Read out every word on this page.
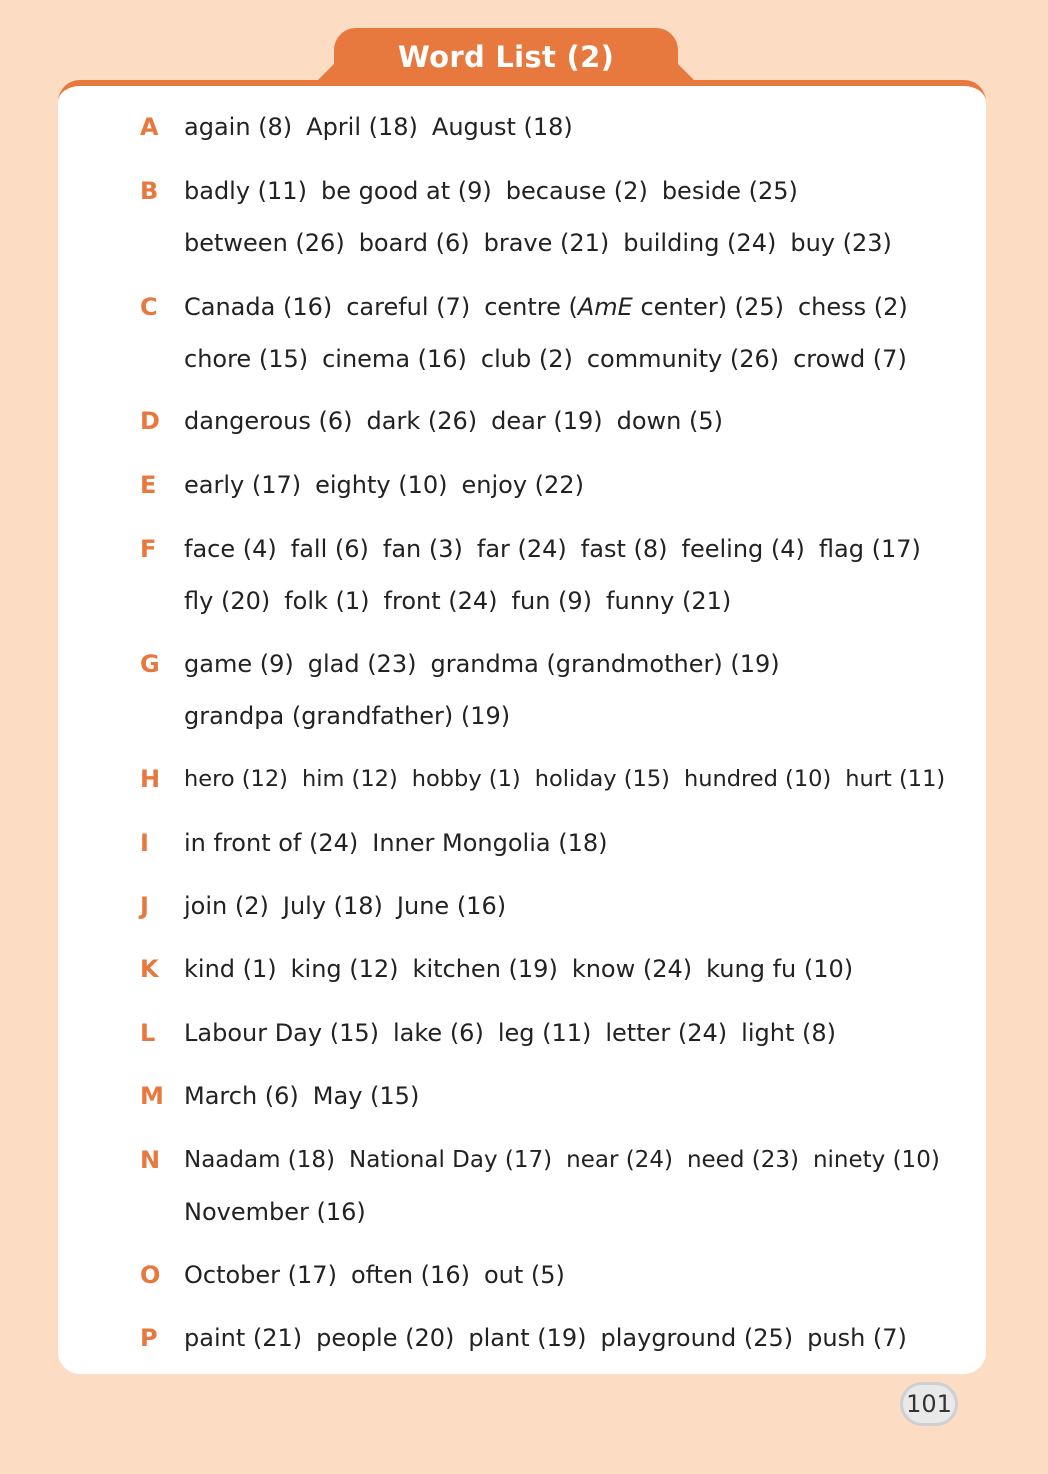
Word List (2)
A	again (8) April (18) August (18)
B	badly (11) be good at (9) because (2) beside (25)
between (26) board (6) brave (21) building (24) buy (23)
C	Canada (16) careful (7) centre (AmE center) (25) chess (2)
chore (15) cinema (16) club (2) community (26) crowd (7)
D	dangerous (6) dark (26) dear (19) down (5)
E	early (17) eighty (10) enjoy (22)
F	face (4) fall (6) fan (3) far (24) fast (8) feeling (4) flag (17)
fly (20) folk (1) front (24) fun (9) funny (21)
G	game (9) glad (23) grandma (grandmother) (19)
grandpa (grandfather) (19)
H	hero (12) him (12) hobby (1) holiday (15) hundred (10) hurt (11)
I	in front of (24) Inner Mongolia (18)
J	join (2) July (18) June (16)
K	kind (1) king (12) kitchen (19) know (24) kung fu (10)
L	Labour Day (15) lake (6) leg (11) letter (24) light (8)
M March (6) May (15)
N	Naadam (18) National Day (17) near (24) need (23) ninety (10)
November (16)
O October (17) often (16) out (5)
P	paint (21) people (20) plant (19) playground (25) push (7)
101
